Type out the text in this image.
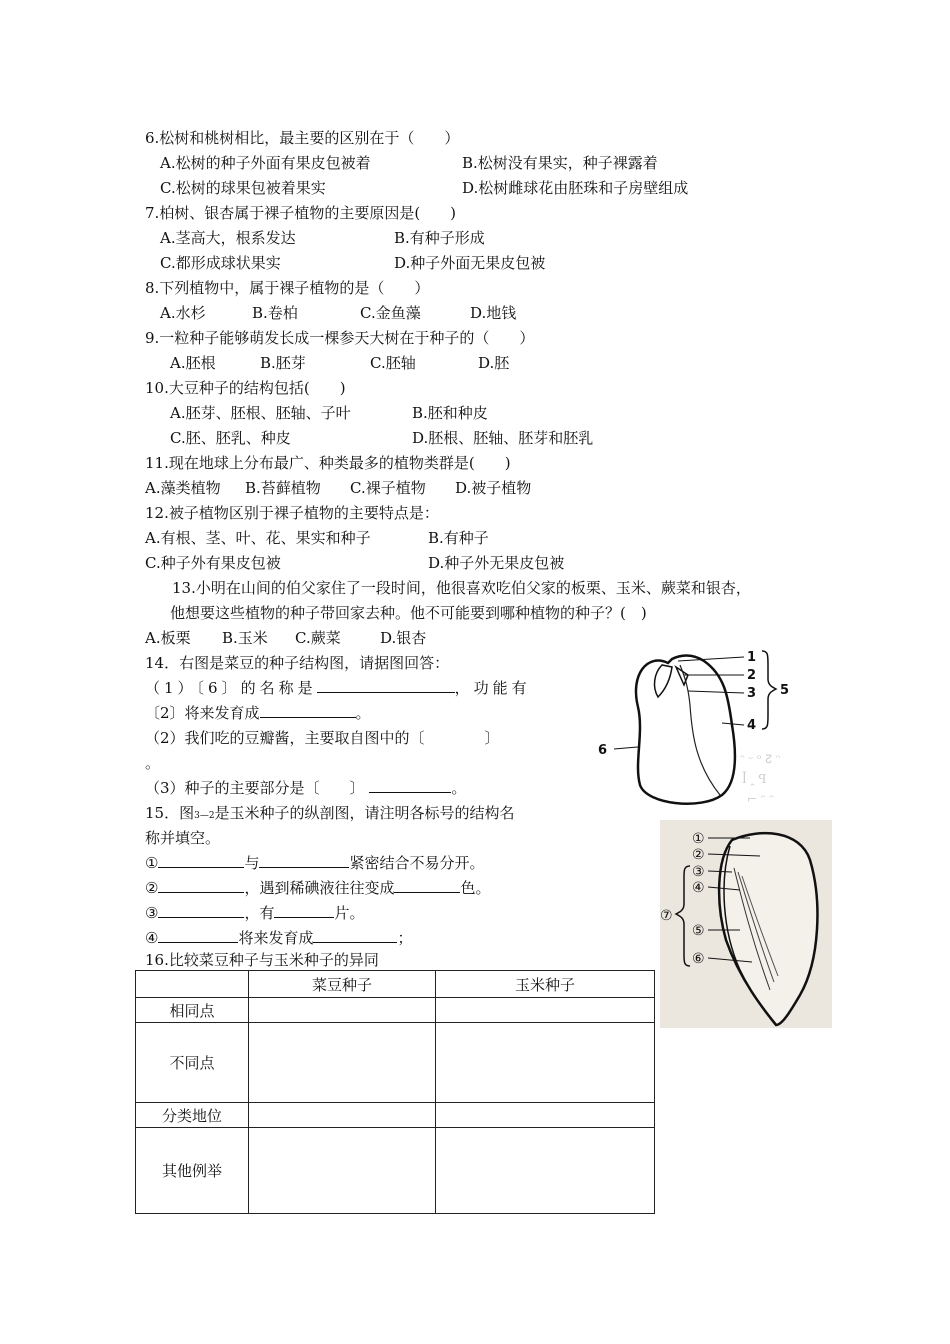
6.松树和桃树相比，最主要的区别在于（　　）
A.松树的种子外面有果皮包被着	B.松树没有果实，种子裸露着
C.松树的球果包被着果实	D.松树雌球花由胚珠和子房壁组成
7.柏树、银杏属于裸子植物的主要原因是(　　)
A.茎高大，根系发达	B.有种子形成
C.都形成球状果实	D.种子外面无果皮包被
8.下列植物中，属于裸子植物的是（　　）
A.水杉	B.卷柏	C.金鱼藻	D.地钱
9.一粒种子能够萌发长成一棵参天大树在于种子的（　　）
A.胚根	B.胚芽	C.胚轴	D.胚
10.大豆种子的结构包括(　　)
A.胚芽、胚根、胚轴、子叶	B.胚和种皮
C.胚、胚乳、种皮	D.胚根、胚轴、胚芽和胚乳
11.现在地球上分布最广、种类最多的植物类群是(　　)
A.藻类植物 B.苔藓植物 C.裸子植物 D.被子植物
12.被子植物区别于裸子植物的主要特点是：
A.有根、茎、叶、花、果实和种子	B.有种子
C.种子外有果皮包被	D.种子外无果皮包被
13.小明在山间的伯父家住了一段时间，他很喜欢吃伯父家的板栗、玉米、蕨菜和银杏，
他想要这些植物的种子带回家去种。他不可能要到哪种植物的种子？(　)
A.板栗 B.玉米 C.蕨菜	D.银杏
14．右图是菜豆的种子结构图，请据图回答：
（1）〔6〕的名称是	，功能有
〔2〕将来发育成	。
（2）我们吃的豆瓣酱，主要取自图中的〔　　　　〕
。
（3）种子的主要部分是〔　　〕	。
15．图3—2是玉米种子的纵剖图，请注明各标号的结构名
称并填空。
①	与	紧密结合不易分开。
②	，遇到稀碘液往往变成	色。
③	，有	片。
④	将来发育成	；
16.比较菜豆种子与玉米种子的异同
	菜豆种子	玉米种子
相同点		
不同点		
分类地位		
其他例举		
ᵔ ᵕ ᵒ ↊ ᵔ
ꟾ ꞈ ꟼ
⌐ ᵔ ᵔ
1
2
3
4
5
6
①
②
③
④
⑤
⑥
⑦
